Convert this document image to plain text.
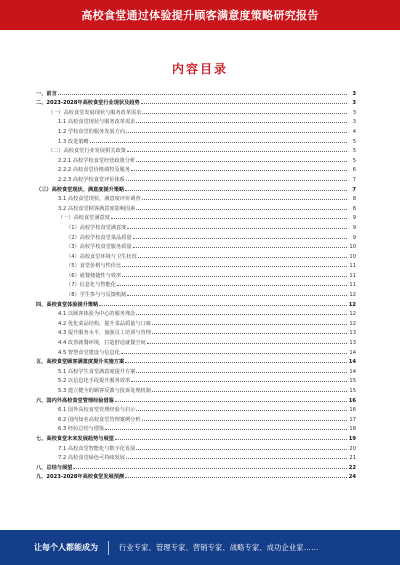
高校食堂通过体验提升顾客满意度策略研究报告
内容目录
一、前言	3
二、2023-2028年高校食堂行业现状及趋势	3
（一）高校食堂发展现状与服务改革需求	3
1.1 高校食堂现状与服务改革需求	3
1.2 学校食堂的服务发展方向	4
1.3 改进策略	5
（二）高校食堂行业发展相关政策	5
2.2.1 高校学校食堂经营政策分析	5
2.2.2 高校食堂价格调控及服务	6
2.2.3 高校学校食堂评价体系	7
（三）高校食堂现状、满意度提升策略	7
3.1 高校食堂现状、满意度评价调查	8
3.2 高校食堂顾客满意度影响因素	8
（一）高校食堂满意度	9
（1）高校学校食堂满意度	9
（2）高校学校食堂菜品质量	9
（3）高校学校食堂服务质量	10
（4）高校食堂环境与卫生状况	10
（5）食堂价格与性价比	11
（6）就餐便捷性与效率	11
（7）信息化与智能化	11
（8）学生参与与反馈机制	12
四、高校食堂体验提升策略	12
4.1 以顾客体验为中心的服务理念	12
4.2 优化菜品结构，提升菜品质量与口味	12
4.3 提升服务水平，加强员工培训与管理	13
4.4 改善就餐环境，打造舒适就餐空间	13
4.5 智慧食堂建设与信息化	14
五、高校食堂顾客满意度提升实施方案	14
5.1 高校学生食堂满意度提升方案	14
5.2 以信息化手段提升服务效率	15
5.3 建立健全的顾客反馈与投诉处理机制	15
六、国内外高校食堂管理经验借鉴	16
6.1 国外高校食堂管理经验与启示	16
6.2 国内知名高校食堂管理案例分析	17
6.3 经验总结与借鉴	18
七、高校食堂未来发展趋势与展望	19
7.1 高校食堂智能化与数字化发展	20
7.2 高校食堂绿色可持续发展	21
八、总结与展望	22
九、2023-2028年高校食堂发展预测	24
让每个人都能成为	行业专家、管理专家、营销专家、战略专家、成功企业家……
